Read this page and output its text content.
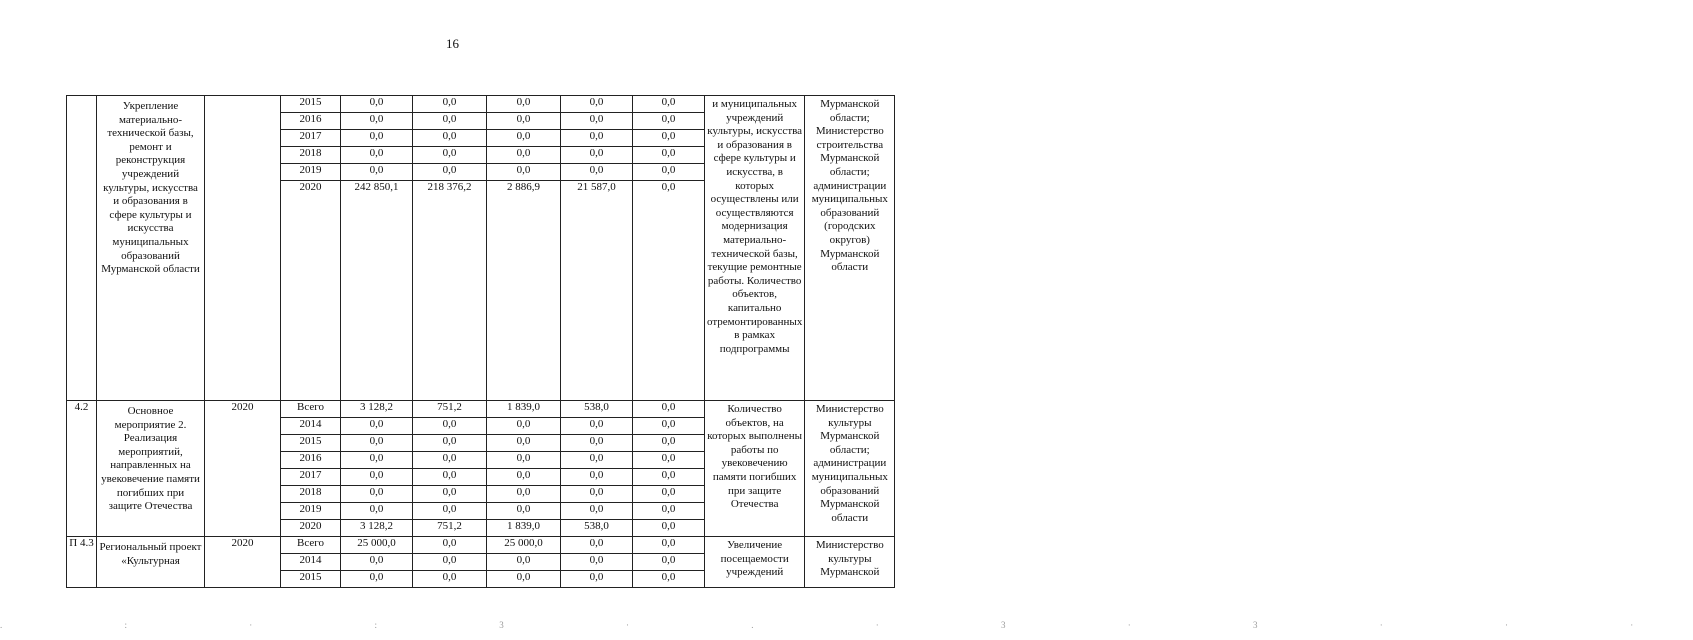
16
	Укрепление материально-технической базы, ремонт и реконструкция учреждений культуры, искусства и образования в сфере культуры и искусства муниципальных образований Мурманской области		2015	0,0	0,0	0,0	0,0	0,0	и муниципальных учреждений культуры, искусства и образования в сфере культуры и искусства, в которых осуществлены или осуществляются модернизация материально-технической базы, текущие ремонтные работы. Количество объектов, капитально отремонтированных в рамках подпрограммы	Мурманской области; Министерство строительства Мурманской области; администрации муниципальных образований (городских округов) Мурманской области
			2016	0,0	0,0	0,0	0,0	0,0		
			2017	0,0	0,0	0,0	0,0	0,0		
			2018	0,0	0,0	0,0	0,0	0,0		
			2019	0,0	0,0	0,0	0,0	0,0		
			2020	242 850,1	218 376,2	2 886,9	21 587,0	0,0		
4.2	Основное мероприятие 2. Реализация мероприятий, направленных на увековечение памяти погибших при защите Отечества	2020	Всего	3 128,2	751,2	1 839,0	538,0	0,0	Количество объектов, на которых выполнены работы по увековечению памяти погибших при защите Отечества	Министерство культуры Мурманской области; администрации муниципальных образований Мурманской области
			2014	0,0	0,0	0,0	0,0	0,0		
			2015	0,0	0,0	0,0	0,0	0,0		
			2016	0,0	0,0	0,0	0,0	0,0		
			2017	0,0	0,0	0,0	0,0	0,0		
			2018	0,0	0,0	0,0	0,0	0,0		
			2019	0,0	0,0	0,0	0,0	0,0		
			2020	3 128,2	751,2	1 839,0	538,0	0,0		
П 4.3	Региональный проект «Культурная	2020	Всего	25 000,0	0,0	25 000,0	0,0	0,0	Увеличение посещаемости учреждений	Министерство культуры Мурманской
			2014	0,0	0,0	0,0	0,0	0,0		
			2015	0,0	0,0	0,0	0,0	0,0		
. : · : 3 · . · 3 · 3 · · ·
